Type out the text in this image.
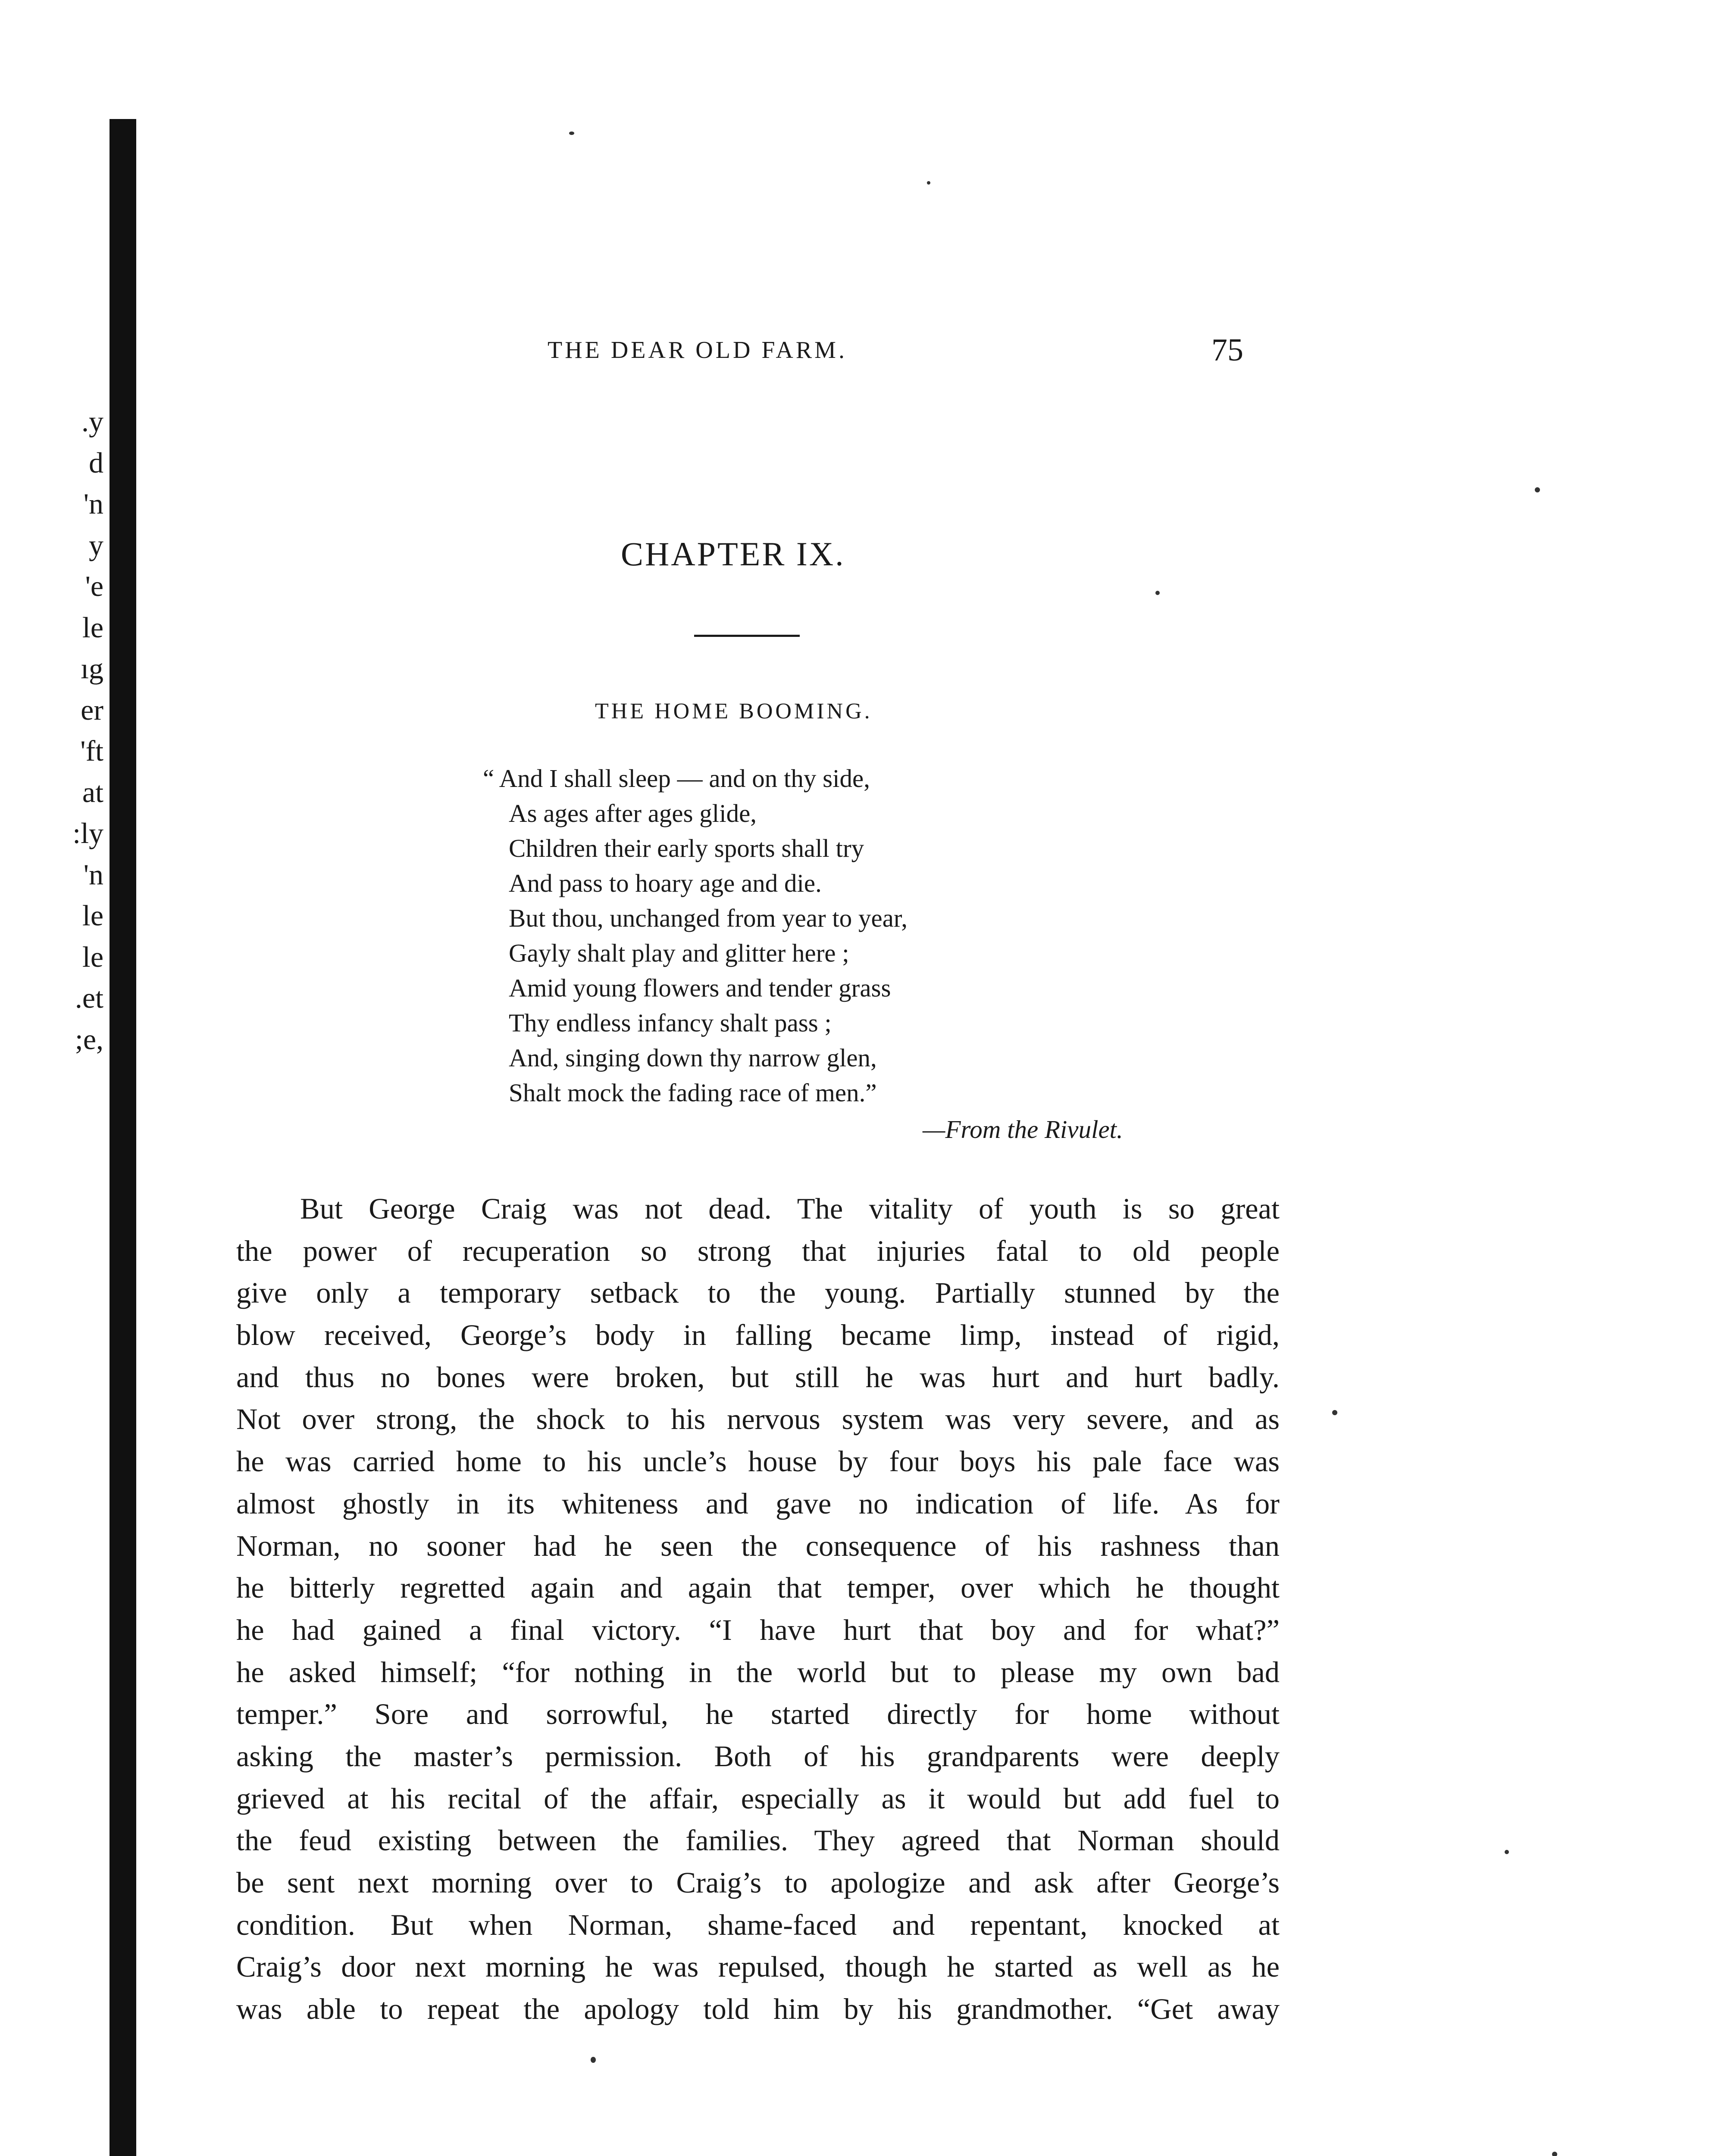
.y
d
'n
y
'e
le
ıg
er
'ft
at
:ly
'n
le
le
.et
;e,
THE DEAR OLD FARM.	75
CHAPTER IX.
THE HOME BOOMING.
“ And I shall sleep — and on thy side,
As ages after ages glide,
Children their early sports shall try
And pass to hoary age and die.
But thou, unchanged from year to year,
Gayly shalt play and glitter here ;
Amid young flowers and tender grass
Thy endless infancy shalt pass ;
And, singing down thy narrow glen,
Shalt mock the fading race of men.”
—From the Rivulet.
But George Craig was not dead. The vitality of youth is so great
the power of recuperation so strong that injuries fatal to old people
give only a temporary setback to the young. Partially stunned by the
blow received, George’s body in falling became limp, instead of rigid,
and thus no bones were broken, but still he was hurt and hurt badly.
Not over strong, the shock to his nervous system was very severe, and as
he was carried home to his uncle’s house by four boys his pale face was
almost ghostly in its whiteness and gave no indication of life. As for
Norman, no sooner had he seen the consequence of his rashness than
he bitterly regretted again and again that temper, over which he thought
he had gained a final victory. “I have hurt that boy and for what?”
he asked himself; “for nothing in the world but to please my own bad
temper.” Sore and sorrowful, he started directly for home without
asking the master’s permission. Both of his grandparents were deeply
grieved at his recital of the affair, especially as it would but add fuel to
the feud existing between the families. They agreed that Norman should
be sent next morning over to Craig’s to apologize and ask after George’s
condition. But when Norman, shame-faced and repentant, knocked at
Craig’s door next morning he was repulsed, though he started as well as he
was able to repeat the apology told him by his grandmother. “Get away
